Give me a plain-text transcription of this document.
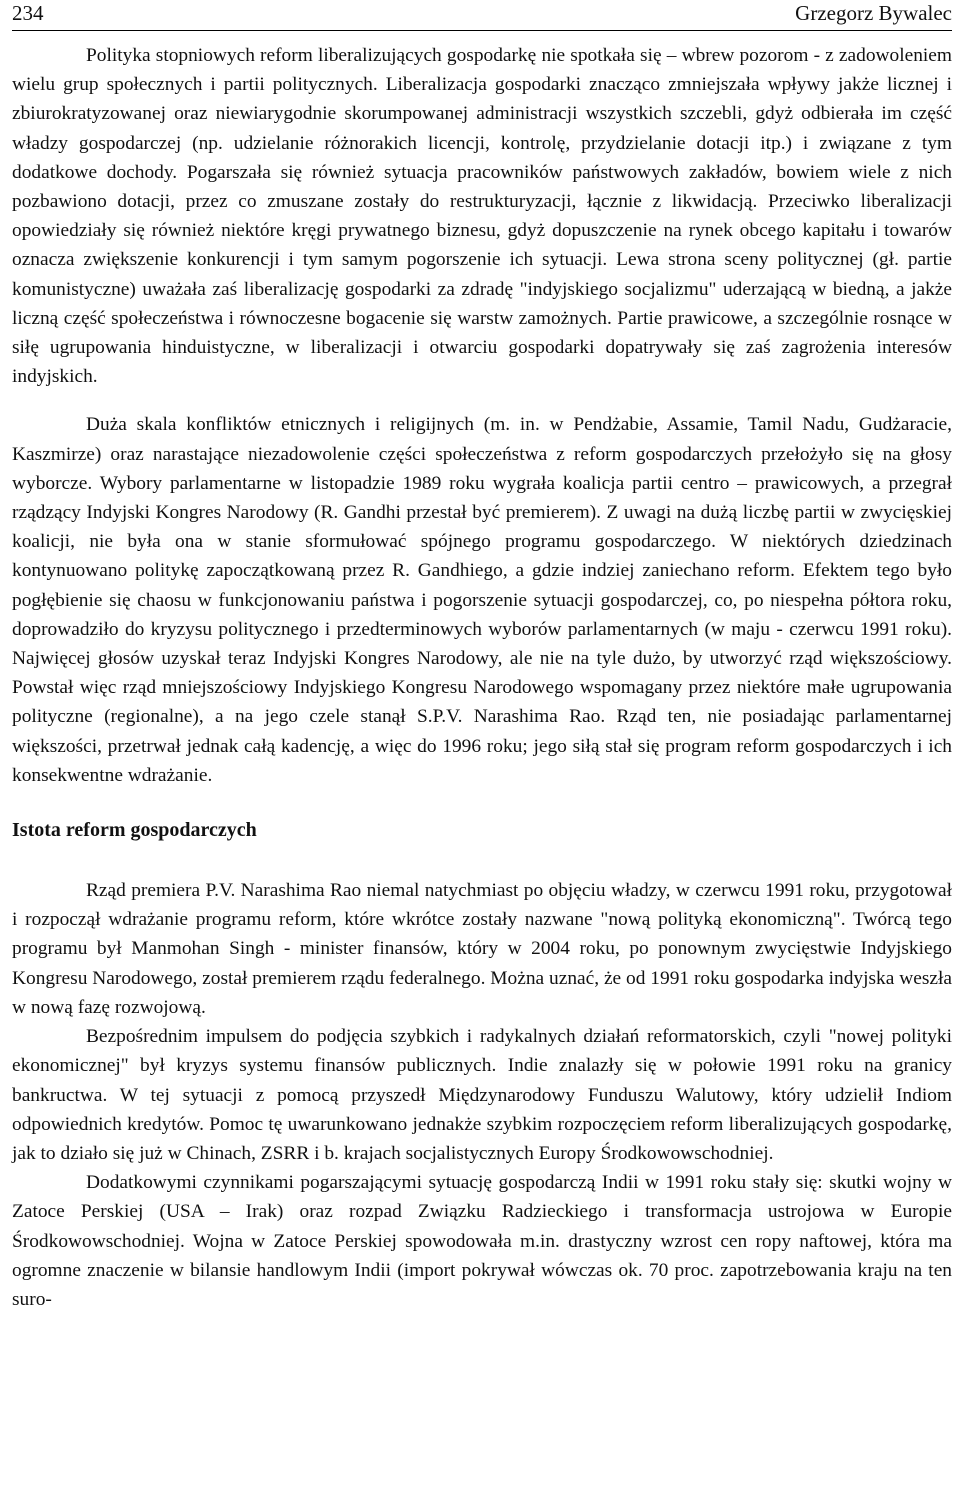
234	Grzegorz Bywalec

Polityka stopniowych reform liberalizujących gospodarkę nie spotkała się – wbrew pozorom - z zadowoleniem wielu grup społecznych i partii politycznych. Liberalizacja gospodarki znacząco zmniejszała wpływy jakże licznej i zbiurokratyzowanej oraz niewiarygodnie skorumpowanej administracji wszystkich szczebli, gdyż odbierała im część władzy gospodarczej (np. udzielanie różnorakich licencji, kontrolę, przydzielanie dotacji itp.) i związane z tym dodatkowe dochody. Pogarszała się również sytuacja pracowników państwowych zakładów, bowiem wiele z nich pozbawiono dotacji, przez co zmuszane zostały do restrukturyzacji, łącznie z likwidacją. Przeciwko liberalizacji opowiedziały się również niektóre kręgi prywatnego biznesu, gdyż dopuszczenie na rynek obcego kapitału i towarów oznacza zwiększenie konkurencji i tym samym pogorszenie ich sytuacji. Lewa strona sceny politycznej (gł. partie komunistyczne) uważała zaś liberalizację gospodarki za zdradę "indyjskiego socjalizmu" uderzającą w biedną, a jakże liczną część społeczeństwa i równoczesne bogacenie się warstw zamożnych. Partie prawicowe, a szczególnie rosnące w siłę ugrupowania hinduistyczne, w liberalizacji i otwarciu gospodarki dopatrywały się zaś zagrożenia interesów indyjskich.

Duża skala konfliktów etnicznych i religijnych (m. in. w Pendżabie, Assamie, Tamil Nadu, Gudżaracie, Kaszmirze) oraz narastające niezadowolenie części społeczeństwa z reform gospodarczych przełożyło się na głosy wyborcze. Wybory parlamentarne w listopadzie 1989 roku wygrała koalicja partii centro – prawicowych, a przegrał rządzący Indyjski Kongres Narodowy (R. Gandhi przestał być premierem). Z uwagi na dużą liczbę partii w zwycięskiej koalicji, nie była ona w stanie sformułować spójnego programu gospodarczego. W niektórych dziedzinach kontynuowano politykę zapoczątkowaną przez R. Gandhiego, a gdzie indziej zaniechano reform. Efektem tego było pogłębienie się chaosu w funkcjonowaniu państwa i pogorszenie sytuacji gospodarczej, co, po niespełna półtora roku, doprowadziło do kryzysu politycznego i przedterminowych wyborów parlamentarnych (w maju - czerwcu 1991 roku). Najwięcej głosów uzyskał teraz Indyjski Kongres Narodowy, ale nie na tyle dużo, by utworzyć rząd większościowy. Powstał więc rząd mniejszościowy Indyjskiego Kongresu Narodowego wspomagany przez niektóre małe ugrupowania polityczne (regionalne), a na jego czele stanął S.P.V. Narashima Rao. Rząd ten, nie posiadając parlamentarnej większości, przetrwał jednak całą kadencję, a więc do 1996 roku; jego siłą stał się program reform gospodarczych i ich konsekwentne wdrażanie.

Istota reform gospodarczych

Rząd premiera P.V. Narashima Rao niemal natychmiast po objęciu władzy, w czerwcu 1991 roku, przygotował i rozpoczął wdrażanie programu reform, które wkrótce zostały nazwane "nową polityką ekonomiczną". Twórcą tego programu był Manmohan Singh - minister finansów, który w 2004 roku, po ponownym zwycięstwie Indyjskiego Kongresu Narodowego, został premierem rządu federalnego. Można uznać, że od 1991 roku gospodarka indyjska weszła w nową fazę rozwojową.

Bezpośrednim impulsem do podjęcia szybkich i radykalnych działań reformatorskich, czyli "nowej polityki ekonomicznej" był kryzys systemu finansów publicznych. Indie znalazły się w połowie 1991 roku na granicy bankructwa. W tej sytuacji z pomocą przyszedł Międzynarodowy Funduszu Walutowy, który udzielił Indiom odpowiednich kredytów. Pomoc tę uwarunkowano jednakże szybkim rozpoczęciem reform liberalizujących gospodarkę, jak to działo się już w Chinach, ZSRR i b. krajach socjalistycznych Europy Środkowowschodniej.

Dodatkowymi czynnikami pogarszającymi sytuację gospodarczą Indii w 1991 roku stały się: skutki wojny w Zatoce Perskiej (USA – Irak) oraz rozpad Związku Radzieckiego i transformacja ustrojowa w Europie Środkowowschodniej. Wojna w Zatoce Perskiej spowodowała m.in. drastyczny wzrost cen ropy naftowej, która ma ogromne znaczenie w bilansie handlowym Indii (import pokrywał wówczas ok. 70 proc. zapotrzebowania kraju na ten suro-
